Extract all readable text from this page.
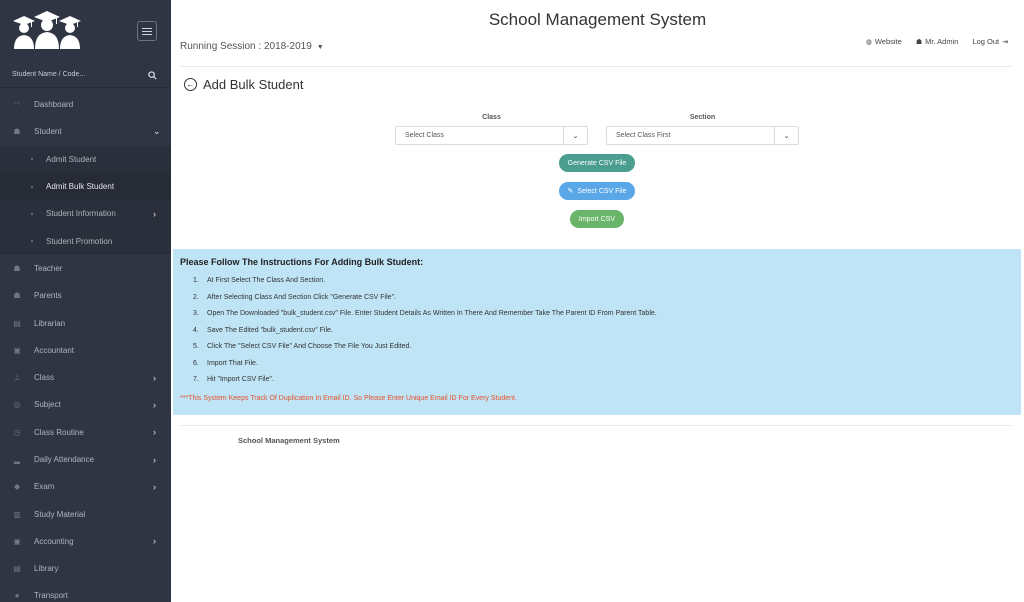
Student Name / Code...
◠ Dashboard
☗ Student	⌄
Admit Student
Admit Bulk Student
Student Information	›
Student Promotion
☗ Teacher
☗ Parents
▤ Librarian
▣ Accountant
⊥ Class	›
◎ Subject	›
◷ Class Routine	›
▂ Daily Attendance	›
◆ Exam	›
▥ Study Material
▣ Accounting	›
▤ Library
●	Transport
School Management System
Running Session : 2018-2019 ▼
◍ Website ☗ Mr. Admin Log Out ⇥
← Add Bulk Student
Class
Select Class	⌄
Section
Select Class First	⌄
Generate CSV File
✎ Select CSV File
Import CSV
Please Follow The Instructions For Adding Bulk Student:
1.	At First Select The Class And Section.
2.	After Selecting Class And Section Click "Generate CSV File".
3.	Open The Downloaded "bulk_student.csv" File. Enter Student Details As Written In There And Remember Take The Parent ID From Parent Table.
4.	Save The Edited "bulk_student.csv" File.
5.	Click The "Select CSV File" And Choose The File You Just Edited.
6.	Import That File.
7.	Hit "Import CSV File".
***This System Keeps Track Of Duplication In Email ID. So Please Enter Unique Email ID For Every Student.
School Management System
